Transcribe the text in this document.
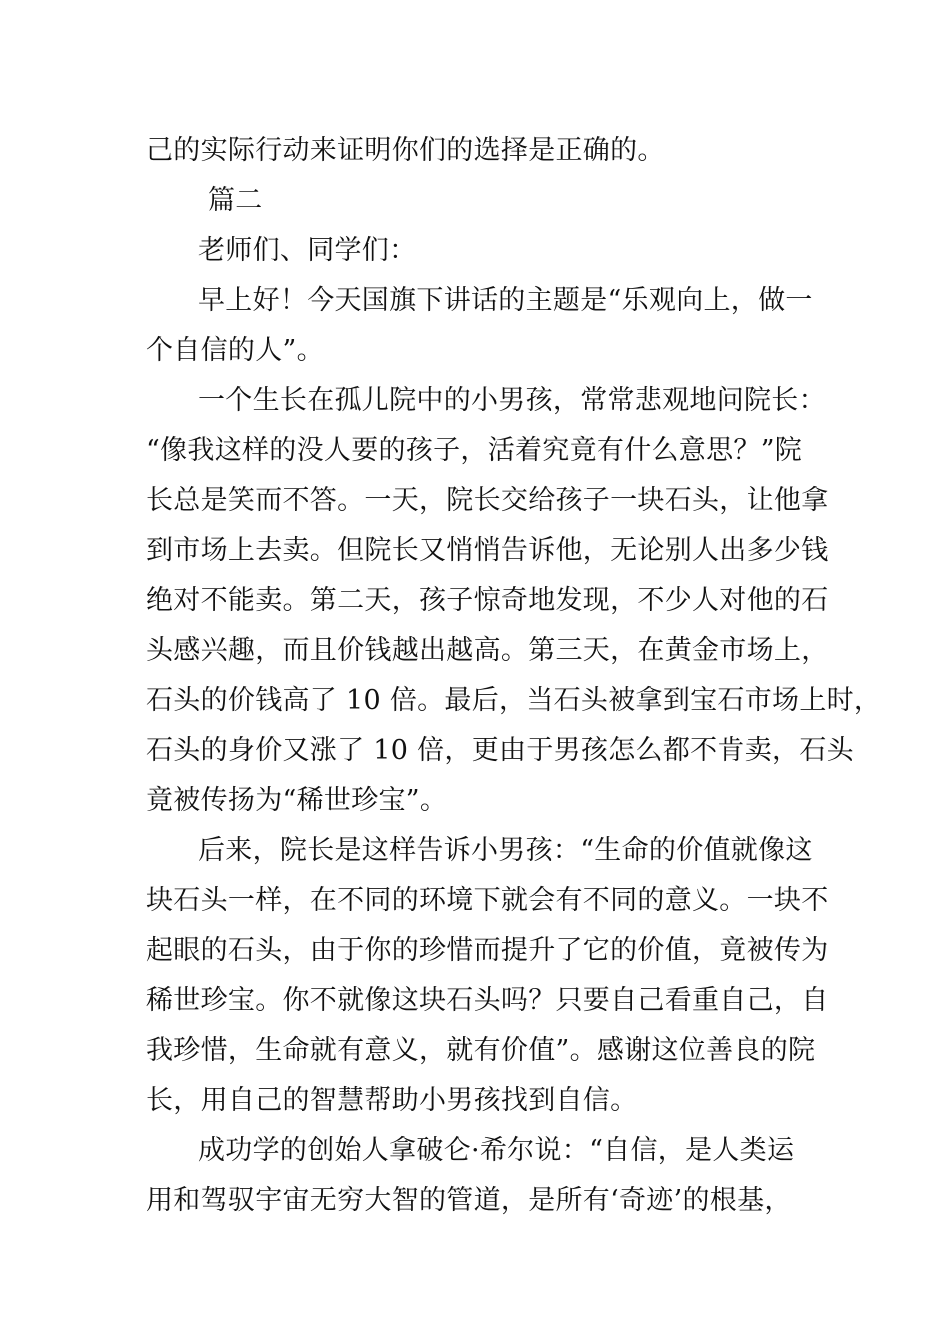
己的实际行动来证明你们的选择是正确的。
篇二
老师们、同学们：
早上好！今天国旗下讲话的主题是“乐观向上，做一
个自信的人”。
一个生长在孤儿院中的小男孩，常常悲观地问院长：
“像我这样的没人要的孩子，活着究竟有什么意思？”院
长总是笑而不答。一天，院长交给孩子一块石头，让他拿
到市场上去卖。但院长又悄悄告诉他，无论别人出多少钱
绝对不能卖。第二天，孩子惊奇地发现，不少人对他的石
头感兴趣，而且价钱越出越高。第三天，在黄金市场上，
石头的价钱高了 10 倍。最后，当石头被拿到宝石市场上时，
石头的身价又涨了 10 倍，更由于男孩怎么都不肯卖，石头
竟被传扬为“稀世珍宝”。
后来，院长是这样告诉小男孩：“生命的价值就像这
块石头一样，在不同的环境下就会有不同的意义。一块不
起眼的石头，由于你的珍惜而提升了它的价值，竟被传为
稀世珍宝。你不就像这块石头吗？只要自己看重自己，自
我珍惜，生命就有意义，就有价值”。感谢这位善良的院
长，用自己的智慧帮助小男孩找到自信。
成功学的创始人拿破仑·希尔说：“自信，是人类运
用和驾驭宇宙无穷大智的管道，是所有‘奇迹’的根基，
